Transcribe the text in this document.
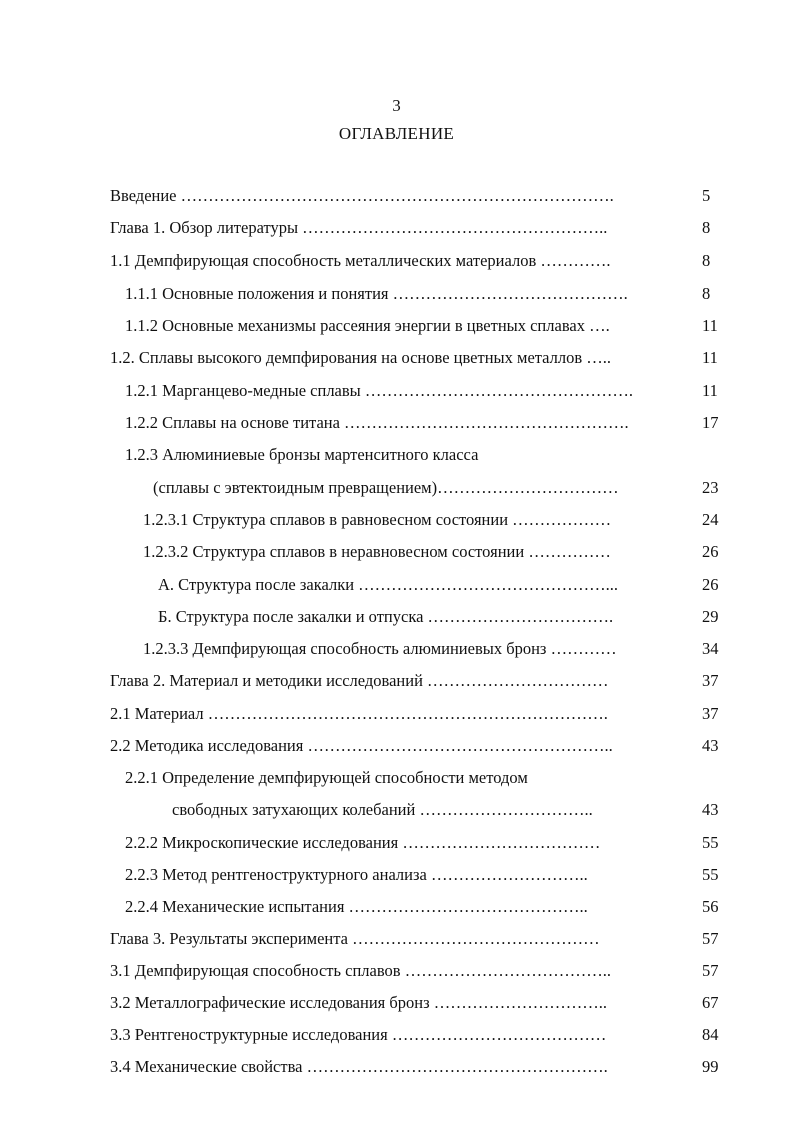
3
ОГЛАВЛЕНИЕ
Введение …………………………………………………………………….	5
Глава 1. Обзор литературы ………………………………………………..	8
1.1 Демпфирующая способность металлических материалов ………….	8
1.1.1 Основные положения и понятия …………………………………….	8
1.1.2 Основные механизмы рассеяния энергии в цветных сплавах ….	11
1.2. Сплавы высокого демпфирования на основе цветных металлов …..	11
1.2.1 Марганцево-медные сплавы ………………………………………….	11
1.2.2 Сплавы на основе титана …………………………………………….	17
1.2.3 Алюминиевые бронзы мартенситного класса
(сплавы с эвтектоидным превращением)……………………………	23
1.2.3.1 Структура сплавов в равновесном состоянии ………………	24
1.2.3.2 Структура сплавов в неравновесном состоянии ……………	26
А. Структура после закалки ………………………………………...	26
Б. Структура после закалки и отпуска …………………………….	29
1.2.3.3 Демпфирующая способность алюминиевых бронз …………	34
Глава 2. Материал и методики исследований ……………………………	37
2.1 Материал ……………………………………………………………….	37
2.2 Методика исследования ………………………………………………..	43
2.2.1 Определение демпфирующей способности методом
свободных затухающих колебаний …………………………..	43
2.2.2 Микроскопические исследования ………………………………	55
2.2.3 Метод рентгеноструктурного анализа ………………………..	55
2.2.4 Механические испытания ……………………………………..	56
Глава 3. Результаты эксперимента ………………………………………	57
3.1 Демпфирующая способность сплавов ………………………………..	57
3.2 Металлографические исследования бронз …………………………..	67
3.3 Рентгеноструктурные исследования …………………………………	84
3.4 Механические свойства ……………………………………………….	99
